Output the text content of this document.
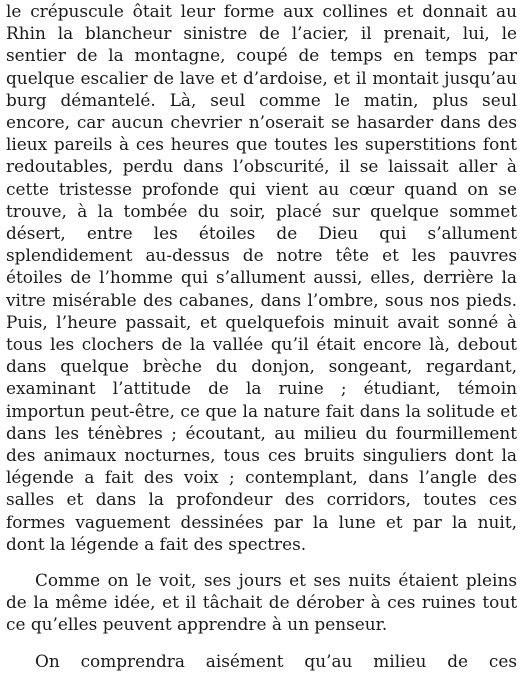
le crépuscule ôtait leur forme aux collines et donnait au Rhin la blancheur sinistre de l’acier, il prenait, lui, le sentier de la montagne, coupé de temps en temps par quelque escalier de lave et d’ardoise, et il montait jusqu’au burg démantelé. Là, seul comme le matin, plus seul encore, car aucun chevrier n’oserait se hasarder dans des lieux pareils à ces heures que toutes les superstitions font redoutables, perdu dans l’obscurité, il se laissait aller à cette tristesse profonde qui vient au cœur quand on se trouve, à la tombée du soir, placé sur quelque sommet désert, entre les étoiles de Dieu qui s’allument splendidement au-dessus de notre tête et les pauvres étoiles de l’homme qui s’allument aussi, elles, derrière la vitre misérable des cabanes, dans l’ombre, sous nos pieds. Puis, l’heure passait, et quelquefois minuit avait sonné à tous les clochers de la vallée qu’il était encore là, debout dans quelque brèche du donjon, songeant, regardant, examinant l’attitude de la ruine ; étudiant, témoin importun peut-être, ce que la nature fait dans la solitude et dans les ténèbres ; écoutant, au milieu du fourmillement des animaux nocturnes, tous ces bruits singuliers dont la légende a fait des voix ; contemplant, dans l’angle des salles et dans la profondeur des corridors, toutes ces formes vaguement dessinées par la lune et par la nuit, dont la légende a fait des spectres.

Comme on le voit, ses jours et ses nuits étaient pleins de la même idée, et il tâchait de dérober à ces ruines tout ce qu’elles peuvent apprendre à un penseur.

On comprendra aisément qu’au milieu de ces
